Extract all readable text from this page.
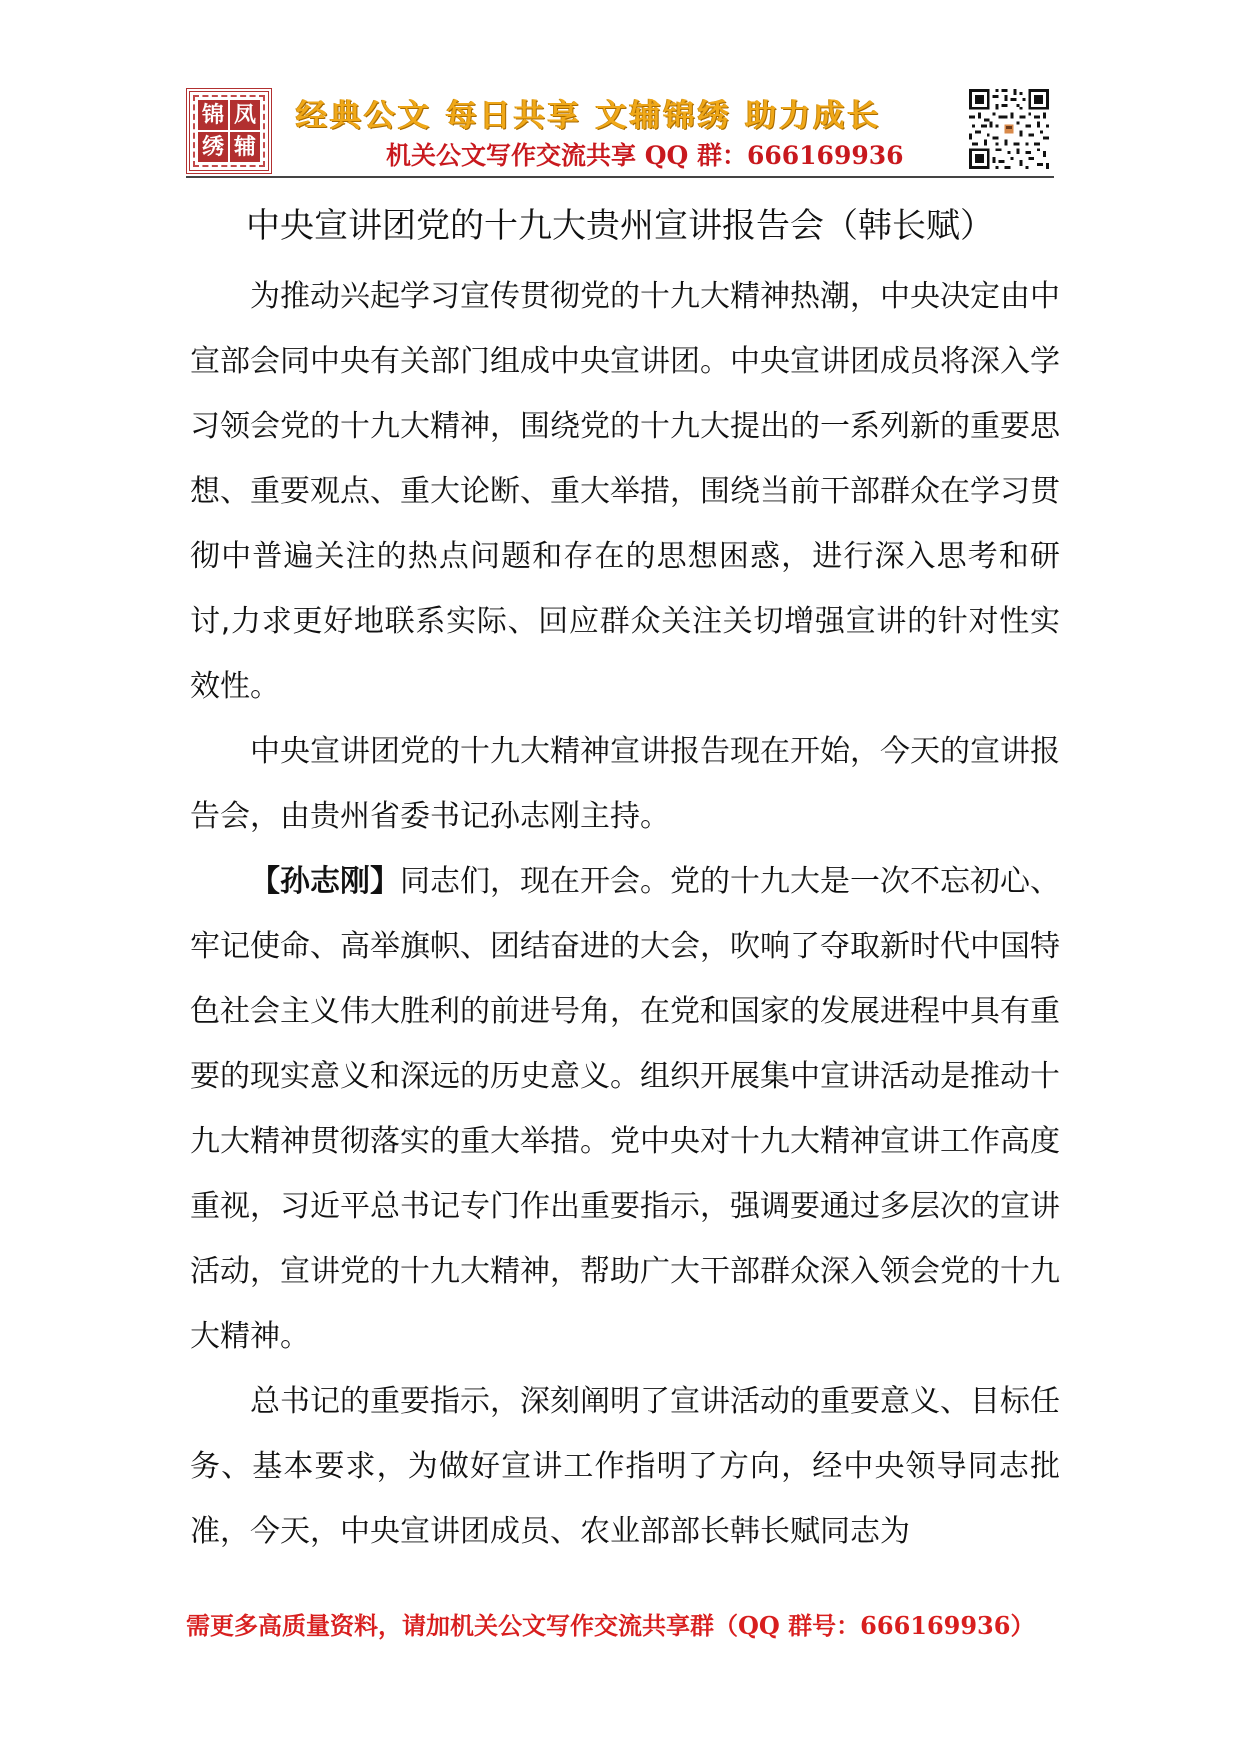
锦 凤
绣 辅
经典公文 每日共享 文辅锦绣 助力成长
机关公文写作交流共享 QQ 群：666169936
中央宣讲团党的十九大贵州宣讲报告会（韩长赋）

为推动兴起学习宣传贯彻党的十九大精神热潮，中央决定由中宣部会同中央有关部门组成中央宣讲团。中央宣讲团成员将深入学习领会党的十九大精神，围绕党的十九大提出的一系列新的重要思想、重要观点、重大论断、重大举措，围绕当前干部群众在学习贯彻中普遍关注的热点问题和存在的思想困惑，进行深入思考和研讨,力求更好地联系实际、回应群众关注关切增强宣讲的针对性实效性。

中央宣讲团党的十九大精神宣讲报告现在开始，今天的宣讲报告会，由贵州省委书记孙志刚主持。

【孙志刚】同志们，现在开会。党的十九大是一次不忘初心、牢记使命、高举旗帜、团结奋进的大会，吹响了夺取新时代中国特色社会主义伟大胜利的前进号角，在党和国家的发展进程中具有重要的现实意义和深远的历史意义。组织开展集中宣讲活动是推动十九大精神贯彻落实的重大举措。党中央对十九大精神宣讲工作高度重视，习近平总书记专门作出重要指示，强调要通过多层次的宣讲活动，宣讲党的十九大精神，帮助广大干部群众深入领会党的十九大精神。

总书记的重要指示，深刻阐明了宣讲活动的重要意义、目标任务、基本要求，为做好宣讲工作指明了方向，经中央领导同志批准，今天，中央宣讲团成员、农业部部长韩长赋同志为

需更多高质量资料，请加机关公文写作交流共享群（QQ 群号：666169936）
